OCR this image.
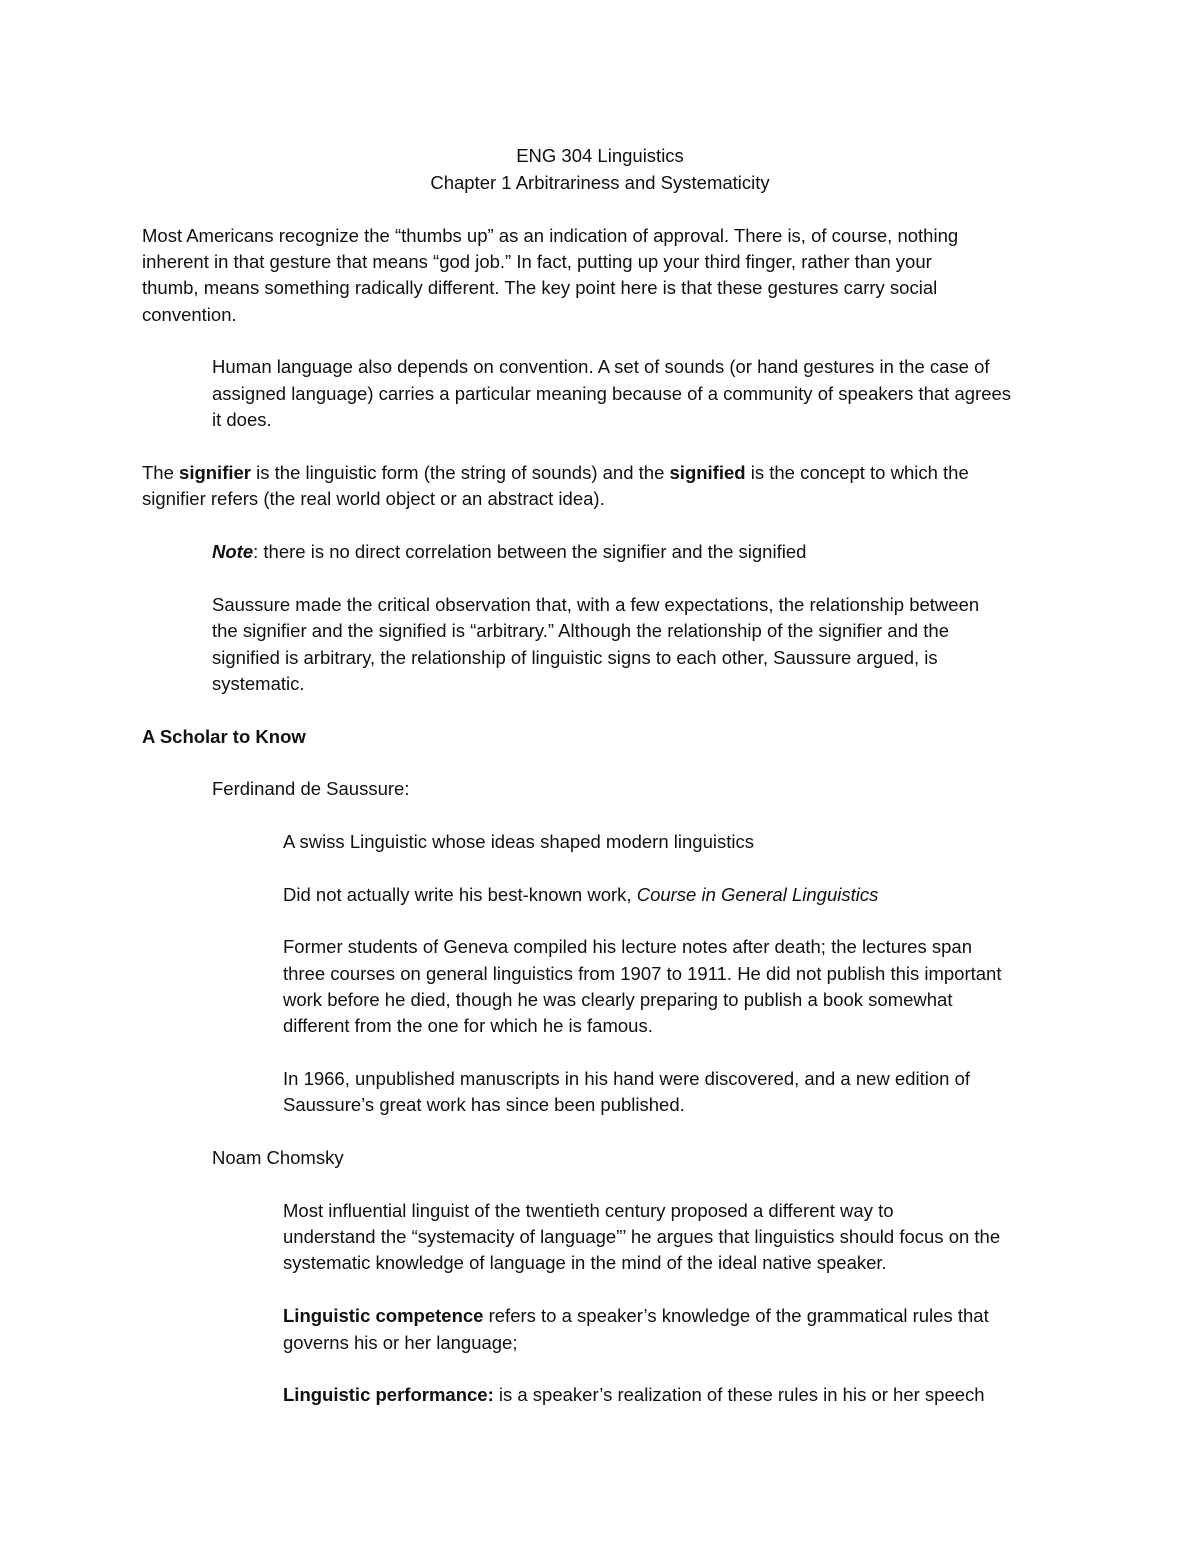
ENG 304 Linguistics
Chapter 1 Arbitrariness and Systematicity
Most Americans recognize the “thumbs up” as an indication of approval. There is, of course, nothing
inherent in that gesture that means “god job.” In fact, putting up your third finger, rather than your
thumb, means something radically different. The key point here is that these gestures carry social
convention.
Human language also depends on convention. A set of sounds (or hand gestures in the case of
assigned language) carries a particular meaning because of a community of speakers that agrees
it does.
The signifier is the linguistic form (the string of sounds) and the signified is the concept to which the
signifier refers (the real world object or an abstract idea).
Note: there is no direct correlation between the signifier and the signified
Saussure made the critical observation that, with a few expectations, the relationship between
the signifier and the signified is “arbitrary.” Although the relationship of the signifier and the
signified is arbitrary, the relationship of linguistic signs to each other, Saussure argued, is
systematic.
A Scholar to Know
Ferdinand de Saussure:
A swiss Linguistic whose ideas shaped modern linguistics
Did not actually write his best-known work, Course in General Linguistics
Former students of Geneva compiled his lecture notes after death; the lectures span
three courses on general linguistics from 1907 to 1911. He did not publish this important
work before he died, though he was clearly preparing to publish a book somewhat
different from the one for which he is famous.
In 1966, unpublished manuscripts in his hand were discovered, and a new edition of
Saussure’s great work has since been published.
Noam Chomsky
Most influential linguist of the twentieth century proposed a different way to
understand the “systemacity of language”’ he argues that linguistics should focus on the
systematic knowledge of language in the mind of the ideal native speaker.
Linguistic competence refers to a speaker’s knowledge of the grammatical rules that
governs his or her language;
Linguistic performance: is a speaker’s realization of these rules in his or her speech
